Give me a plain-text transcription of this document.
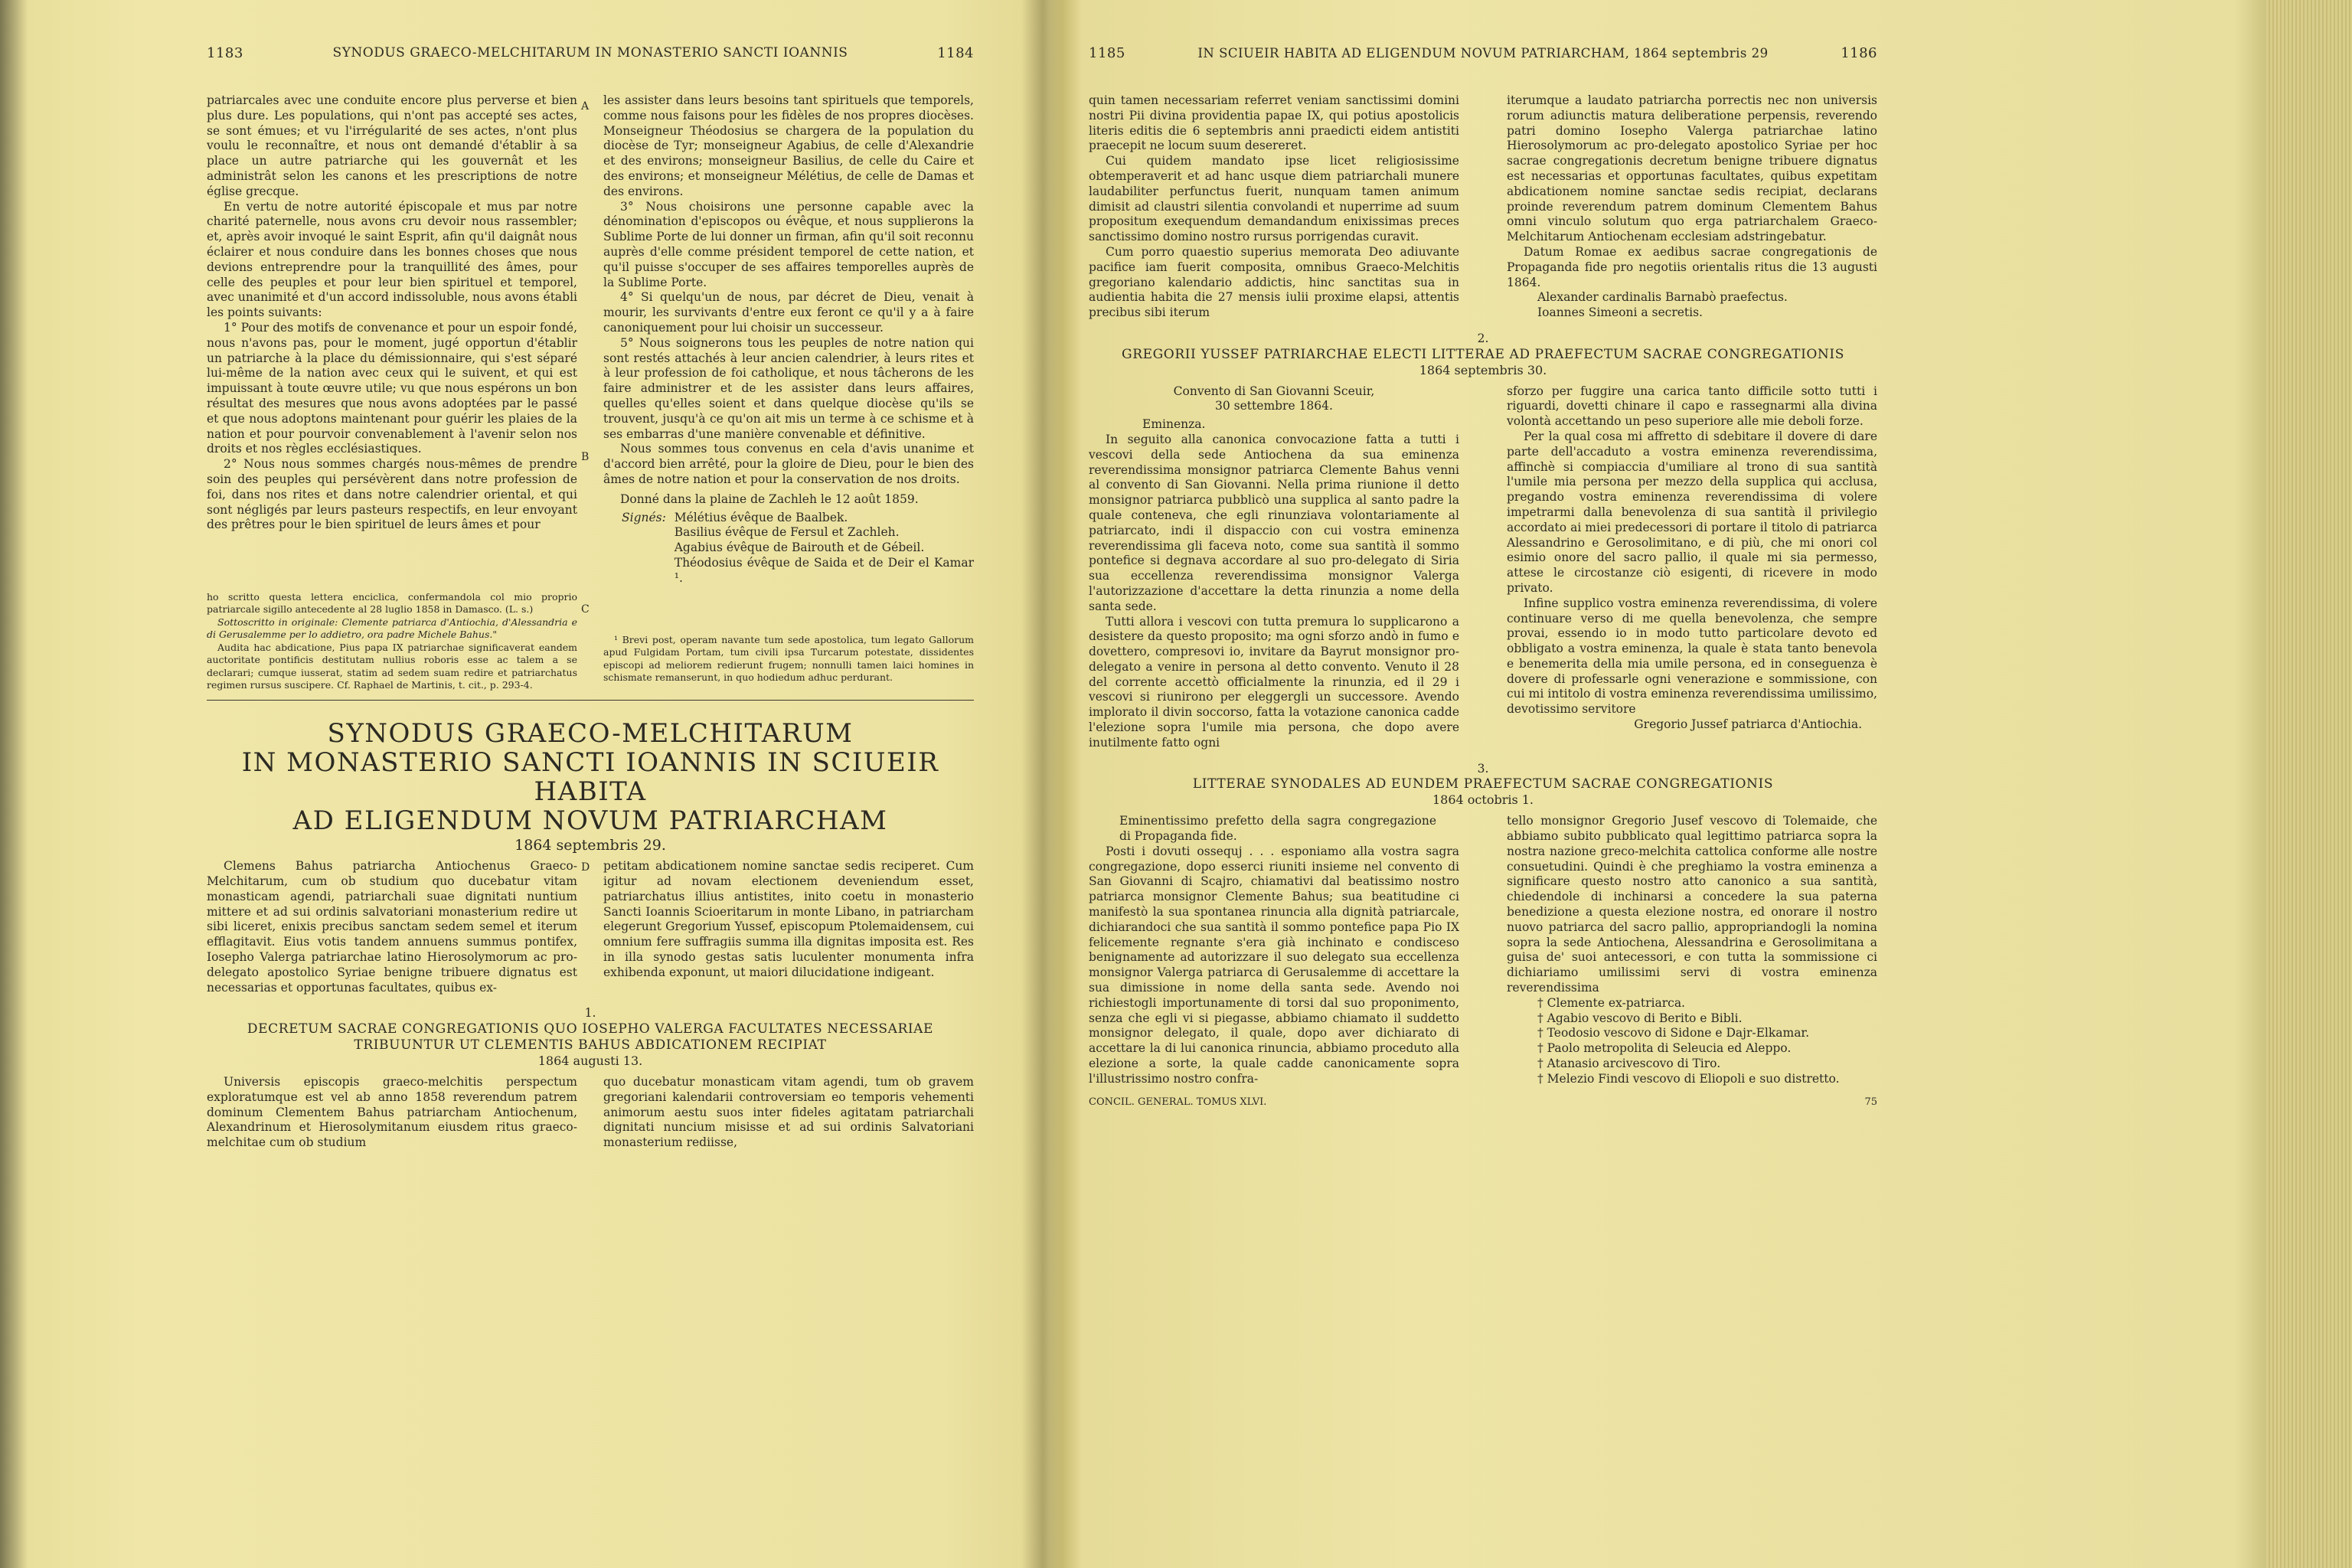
1183	SYNODUS GRAECO-MELCHITARUM IN MONASTERIO SANCTI IOANNIS	1184

patriarcales avec une conduite encore plus perverse et bien plus dure. Les populations, qui n'ont pas accepté ses actes, se sont émues; et vu l'irrégularité de ses actes, n'ont plus voulu le reconnaître, et nous ont demandé d'établir à sa place un autre patriarche qui les gouvernât et les administrât selon les canons et les prescriptions de notre église grecque.

En vertu de notre autorité épiscopale et mus par notre charité paternelle, nous avons cru devoir nous rassembler; et, après avoir invoqué le saint Esprit, afin qu'il daignât nous éclairer et nous conduire dans les bonnes choses que nous devions entreprendre pour la tranquillité des âmes, pour celle des peuples et pour leur bien spirituel et temporel, avec unanimité et d'un accord indissoluble, nous avons établi les points suivants:

1° Pour des motifs de convenance et pour un espoir fondé, nous n'avons pas, pour le moment, jugé opportun d'établir un patriarche à la place du démissionnaire, qui s'est séparé lui-même de la nation avec ceux qui le suivent, et qui est impuissant à toute œuvre utile; vu que nous espérons un bon résultat des mesures que nous avons adoptées par le passé et que nous adoptons maintenant pour guérir les plaies de la nation et pour pourvoir convenablement à l'avenir selon nos droits et nos règles ecclésiastiques.

2° Nous nous sommes chargés nous-mêmes de prendre soin des peuples qui persévèrent dans notre profession de foi, dans nos rites et dans notre calendrier oriental, et qui sont négligés par leurs pasteurs respectifs, en leur envoyant des prêtres pour le bien spirituel de leurs âmes et pour

A
B

les assister dans leurs besoins tant spirituels que temporels, comme nous faisons pour les fidèles de nos propres diocèses. Monseigneur Théodosius se chargera de la population du diocèse de Tyr; monseigneur Agabius, de celle d'Alexandrie et des environs; monseigneur Basilius, de celle du Caire et des environs; et monseigneur Mélétius, de celle de Damas et des environs.

3° Nous choisirons une personne capable avec la dénomination d'episcopos ou évêque, et nous supplierons la Sublime Porte de lui donner un firman, afin qu'il soit reconnu auprès d'elle comme président temporel de cette nation, et qu'il puisse s'occuper de ses affaires temporelles auprès de la Sublime Porte.

4° Si quelqu'un de nous, par décret de Dieu, venait à mourir, les survivants d'entre eux feront ce qu'il y a à faire canoniquement pour lui choisir un successeur.

5° Nous soignerons tous les peuples de notre nation qui sont restés attachés à leur ancien calendrier, à leurs rites et à leur profession de foi catholique, et nous tâcherons de les faire administrer et de les assister dans leurs affaires, quelles qu'elles soient et dans quelque diocèse qu'ils se trouvent, jusqu'à ce qu'on ait mis un terme à ce schisme et à ses embarras d'une manière convenable et définitive.

Nous sommes tous convenus en cela d'avis unanime et d'accord bien arrêté, pour la gloire de Dieu, pour le bien des âmes de notre nation et pour la conservation de nos droits.

Donné dans la plaine de Zachleh le 12 août 1859.

Signés: Mélétius évêque de Baalbek.
Basilius évêque de Fersul et Zachleh.
Agabius évêque de Bairouth et de Gébeil.
Théodosius évêque de Saida et de Deir el Kamar ¹.

ho scritto questa lettera enciclica, confermandola col mio proprio patriarcale sigillo antecedente al 28 luglio 1858 in Damasco. (L. s.)

Sottoscritto in originale: Clemente patriarca d'Antiochia, d'Alessandria e di Gerusalemme per lo addietro, ora padre Michele Bahus."

Audita hac abdicatione, Pius papa IX patriarchae significaverat eandem auctoritate pontificis destitutam nullius roboris esse ac talem a se declarari; cumque iusserat, statim ad sedem suam redire et patriarchatus regimen rursus suscipere. Cf. Raphael de Martinis, t. cit., p. 293-4.

C

¹ Brevi post, operam navante tum sede apostolica, tum legato Gallorum apud Fulgidam Portam, tum civili ipsa Turcarum potestate, dissidentes episcopi ad meliorem redierunt frugem; nonnulli tamen laici homines in schismate remanserunt, in quo hodiedum adhuc perdurant.

SYNODUS GRAECO-MELCHITARUM
IN MONASTERIO SANCTI IOANNIS IN SCIUEIR HABITA
AD ELIGENDUM NOVUM PATRIARCHAM
1864 septembris 29.

Clemens Bahus patriarcha Antiochenus Graeco-Melchitarum, cum ob studium quo ducebatur vitam monasticam agendi, patriarchali suae dignitati nuntium mittere et ad sui ordinis salvatoriani monasterium redire ut sibi liceret, enixis precibus sanctam sedem semel et iterum efflagitavit. Eius votis tandem annuens summus pontifex, Iosepho Valerga patriarchae latino Hierosolymorum ac pro-delegato apostolico Syriae benigne tribuere dignatus est necessarias et opportunas facultates, quibus ex-

D petitam abdicationem nomine sanctae sedis reciperet. Cum igitur ad novam electionem deveniendum esset, patriarchatus illius antistites, inito coetu in monasterio Sancti Ioannis Scioeritarum in monte Libano, in patriarcham elegerunt Gregorium Yussef, episcopum Ptolemaidensem, cui omnium fere suffragiis summa illa dignitas imposita est. Res in illa synodo gestas satis luculenter monumenta infra exhibenda exponunt, ut maiori dilucidatione indigeant.

1.
DECRETUM SACRAE CONGREGATIONIS QUO IOSEPHO VALERGA FACULTATES NECESSARIAE TRIBUUNTUR UT CLEMENTIS BAHUS ABDICATIONEM RECIPIAT
1864 augusti 13.

Universis episcopis graeco-melchitis perspectum exploratumque est vel ab anno 1858 reverendum patrem dominum Clementem Bahus patriarcham Antiochenum, Alexandrinum et Hierosolymitanum eiusdem ritus graeco-melchitae cum ob studium

quo ducebatur monasticam vitam agendi, tum ob gravem gregoriani kalendarii controversiam eo temporis vehementi animorum aestu suos inter fideles agitatam patriarchali dignitati nuncium misisse et ad sui ordinis Salvatoriani monasterium rediisse,

1185	IN SCIUEIR HABITA AD ELIGENDUM NOVUM PATRIARCHAM, 1864 septembris 29	1186

quin tamen necessariam referret veniam sanctissimi domini nostri Pii divina providentia papae IX, qui potius apostolicis literis editis die 6 septembris anni praedicti eidem antistiti praecepit ne locum suum desereret.

Cui quidem mandato ipse licet religiosissime obtemperaverit et ad hanc usque diem patriarchali munere laudabiliter perfunctus fuerit, nunquam tamen animum dimisit ad claustri silentia convolandi et nuperrime ad suum propositum exequendum demandandum enixissimas preces sanctissimo domino nostro rursus porrigendas curavit.

Cum porro quaestio superius memorata Deo adiuvante pacifice iam fuerit composita, omnibus Graeco-Melchitis gregoriano kalendario addictis, hinc sanctitas sua in audientia habita die 27 mensis iulii proxime elapsi, attentis precibus sibi iterum

iterumque a laudato patriarcha porrectis nec non universis rorum adiunctis matura deliberatione perpensis, reverendo patri domino Iosepho Valerga patriarchae latino Hierosolymorum ac pro-delegato apostolico Syriae per hoc sacrae congregationis decretum benigne tribuere dignatus est necessarias et opportunas facultates, quibus expetitam abdicationem nomine sanctae sedis recipiat, declarans proinde reverendum patrem dominum Clementem Bahus omni vinculo solutum quo erga patriarchalem Graeco-Melchitarum Antiochenam ecclesiam adstringebatur.

Datum Romae ex aedibus sacrae congregationis de Propaganda fide pro negotiis orientalis ritus die 13 augusti 1864.

Alexander cardinalis Barnabò praefectus.
Ioannes Simeoni a secretis.
2.
GREGORII YUSSEF PATRIARCHAE ELECTI LITTERAE AD PRAEFECTUM SACRAE CONGREGATIONIS
1864 septembris 30.
Convento di San Giovanni Sceuir,
30 settembre 1864.
Eminenza.

In seguito alla canonica convocazione fatta a tutti i vescovi della sede Antiochena da sua eminenza reverendissima monsignor patriarca Clemente Bahus venni al convento di San Giovanni. Nella prima riunione il detto monsignor patriarca pubblicò una supplica al santo padre la quale conteneva, che egli rinunziava volontariamente al patriarcato, indi il dispaccio con cui vostra eminenza reverendissima gli faceva noto, come sua santità il sommo pontefice si degnava accordare al suo pro-delegato di Siria sua eccellenza reverendissima monsignor Valerga l'autorizzazione d'accettare la detta rinunzia a nome della santa sede.

Tutti allora i vescovi con tutta premura lo supplicarono a desistere da questo proposito; ma ogni sforzo andò in fumo e dovettero, compresovi io, invitare da Bayrut monsignor pro-delegato a venire in persona al detto convento. Venuto il 28 del corrente accettò officialmente la rinunzia, ed il 29 i vescovi si riunirono per eleggergli un successore. Avendo implorato il divin soccorso, fatta la votazione canonica cadde l'elezione sopra l'umile mia persona, che dopo avere inutilmente fatto ogni

sforzo per fuggire una carica tanto difficile sotto tutti i riguardi, dovetti chinare il capo e rassegnarmi alla divina volontà accettando un peso superiore alle mie deboli forze.

Per la qual cosa mi affretto di sdebitare il dovere di dare parte dell'accaduto a vostra eminenza reverendissima, affinchè si compiaccia d'umiliare al trono di sua santità l'umile mia persona per mezzo della supplica qui acclusa, pregando vostra eminenza reverendissima di volere impetrarmi dalla benevolenza di sua santità il privilegio accordato ai miei predecessori di portare il titolo di patriarca Alessandrino e Gerosolimitano, e di più, che mi onori col esimio onore del sacro pallio, il quale mi sia permesso, attese le circostanze ciò esigenti, di ricevere in modo privato.

Infine supplico vostra eminenza reverendissima, di volere continuare verso di me quella benevolenza, che sempre provai, essendo io in modo tutto particolare devoto ed obbligato a vostra eminenza, la quale è stata tanto benevola e benemerita della mia umile persona, ed in conseguenza è dovere di professarle ogni venerazione e sommissione, con cui mi intitolo di vostra eminenza reverendissima umilissimo, devotissimo servitore

Gregorio Jussef patriarca d'Antiochia.
3.
LITTERAE SYNODALES AD EUNDEM PRAEFECTUM SACRAE CONGREGATIONIS
1864 octobris 1.
Eminentissimo prefetto della sagra congregazione di Propaganda fide.

Posti i dovuti ossequj . . . esponiamo alla vostra sagra congregazione, dopo esserci riuniti insieme nel convento di San Giovanni di Scajro, chiamativi dal beatissimo nostro patriarca monsignor Clemente Bahus; sua beatitudine ci manifestò la sua spontanea rinuncia alla dignità patriarcale, dichiarandoci che sua santità il sommo pontefice papa Pio IX felicemente regnante s'era già inchinato e condisceso benignamente ad autorizzare il suo delegato sua eccellenza monsignor Valerga patriarca di Gerusalemme di accettare la sua dimissione in nome della santa sede. Avendo noi richiestogli importunamente di torsi dal suo proponimento, senza che egli vi si piegasse, abbiamo chiamato il suddetto monsignor delegato, il quale, dopo aver dichiarato di accettare la di lui canonica rinuncia, abbiamo proceduto alla elezione a sorte, la quale cadde canonicamente sopra l'illustrissimo nostro confra-

tello monsignor Gregorio Jusef vescovo di Tolemaide, che abbiamo subito pubblicato qual legittimo patriarca sopra la nostra nazione greco-melchita cattolica conforme alle nostre consuetudini. Quindi è che preghiamo la vostra eminenza a significare questo nostro atto canonico a sua santità, chiedendole di inchinarsi a concedere la sua paterna benedizione a questa elezione nostra, ed onorare il nostro nuovo patriarca del sacro pallio, appropriandogli la nomina sopra la sede Antiochena, Alessandrina e Gerosolimitana a guisa de' suoi antecessori, e con tutta la sommissione ci dichiariamo umilissimi servi di vostra eminenza reverendissima

† Clemente ex-patriarca.
† Agabio vescovo di Berito e Bibli.
† Teodosio vescovo di Sidone e Dajr-Elkamar.
† Paolo metropolita di Seleucia ed Aleppo.
† Atanasio arcivescovo di Tiro.
† Melezio Findi vescovo di Eliopoli e suo distretto.
CONCIL. GENERAL. TOMUS XLVI.	75
